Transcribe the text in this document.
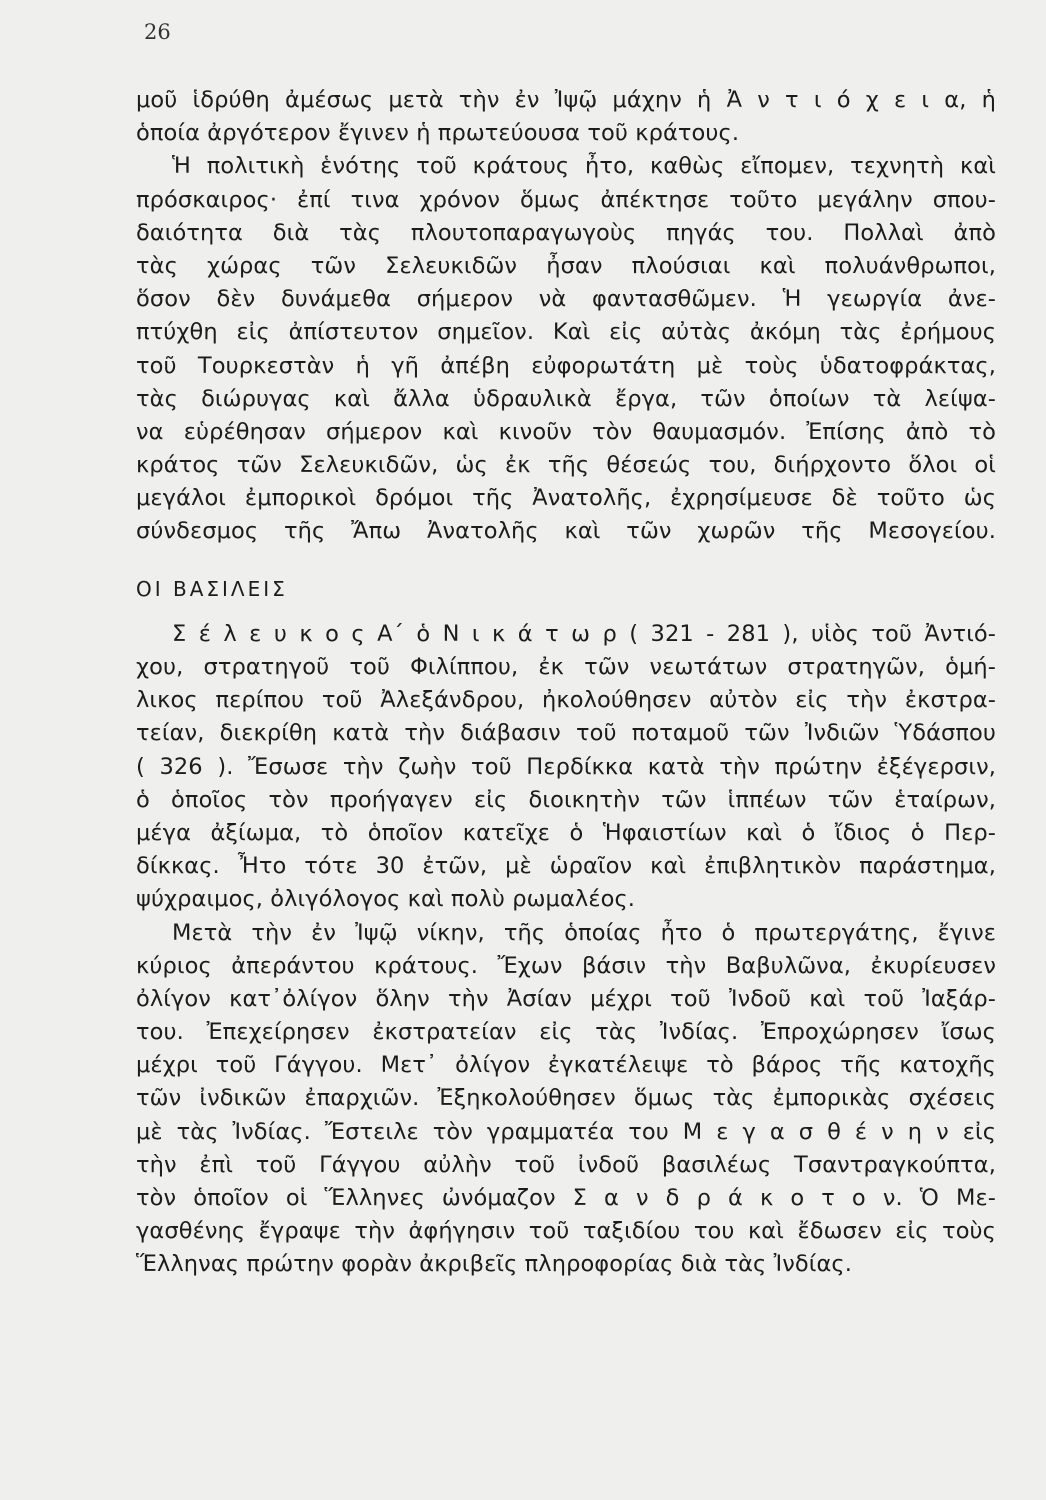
26
μοῦ ἱδρύθη ἀμέσως μετὰ τὴν ἐν Ἰψῷ μάχην ἡ Ἀ ν τ ι ό χ ε ι α, ἡ
ὁποία ἀργότερον ἔγινεν ἡ πρωτεύουσα τοῦ κράτους.
Ἡ πολιτικὴ ἑνότης τοῦ κράτους ἦτο, καθὼς εἴπομεν, τεχνητὴ καὶ
πρόσκαιρος· ἐπί τινα χρόνον ὅμως ἀπέκτησε τοῦτο μεγάλην σπου-
δαιότητα διὰ τὰς πλουτοπαραγωγοὺς πηγάς του. Πολλαὶ ἀπὸ
τὰς χώρας τῶν Σελευκιδῶν ἦσαν πλούσιαι καὶ πολυάνθρωποι,
ὅσον δὲν δυνάμεθα σήμερον νὰ φαντασθῶμεν. Ἡ γεωργία ἀνε-
πτύχθη εἰς ἀπίστευτον σημεῖον. Καὶ εἰς αὐτὰς ἀκόμη τὰς ἐρήμους
τοῦ Τουρκεστὰν ἡ γῆ ἀπέβη εὐφορωτάτη μὲ τοὺς ὑδατοφράκτας,
τὰς διώρυγας καὶ ἄλλα ὑδραυλικὰ ἔργα, τῶν ὁποίων τὰ λείψα-
να εὑρέθησαν σήμερον καὶ κινοῦν τὸν θαυμασμόν. Ἐπίσης ἀπὸ τὸ
κράτος τῶν Σελευκιδῶν, ὡς ἐκ τῆς θέσεώς του, διήρχοντο ὅλοι οἱ
μεγάλοι ἐμπορικοὶ δρόμοι τῆς Ἀνατολῆς, ἐχρησίμευσε δὲ τοῦτο ὡς
σύνδεσμος τῆς Ἄπω Ἀνατολῆς καὶ τῶν χωρῶν τῆς Μεσογείου.
ΟΙ ΒΑΣΙΛΕΙΣ
Σ έ λ ε υ κ ο ς Α΄ ὁ Ν ι κ ά τ ω ρ ( 321 - 281 ), υἱὸς τοῦ Ἀντιό-
χου, στρατηγοῦ τοῦ Φιλίππου, ἐκ τῶν νεωτάτων στρατηγῶν, ὁμή-
λικος περίπου τοῦ Ἀλεξάνδρου, ἠκολούθησεν αὐτὸν εἰς τὴν ἐκστρα-
τείαν, διεκρίθη κατὰ τὴν διάβασιν τοῦ ποταμοῦ τῶν Ἰνδιῶν Ὑδάσπου
( 326 ). Ἔσωσε τὴν ζωὴν τοῦ Περδίκκα κατὰ τὴν πρώτην ἐξέγερσιν,
ὁ ὁποῖος τὸν προήγαγεν εἰς διοικητὴν τῶν ἱππέων τῶν ἑταίρων,
μέγα ἀξίωμα, τὸ ὁποῖον κατεῖχε ὁ Ἡφαιστίων καὶ ὁ ἴδιος ὁ Περ-
δίκκας. Ἦτο τότε 30 ἐτῶν, μὲ ὡραῖον καὶ ἐπιβλητικὸν παράστημα,
ψύχραιμος, ὀλιγόλογος καὶ πολὺ ρωμαλέος.
Μετὰ τὴν ἐν Ἰψῷ νίκην, τῆς ὁποίας ἦτο ὁ πρωτεργάτης, ἔγινε
κύριος ἀπεράντου κράτους. Ἔχων βάσιν τὴν Βαβυλῶνα, ἐκυρίευσεν
ὀλίγον κατ᾿ὀλίγον ὅλην τὴν Ἀσίαν μέχρι τοῦ Ἰνδοῦ καὶ τοῦ Ἰαξάρ-
του. Ἐπεχείρησεν ἐκστρατείαν εἰς τὰς Ἰνδίας. Ἐπροχώρησεν ἴσως
μέχρι τοῦ Γάγγου. Μετ᾿ ὀλίγον ἐγκατέλειψε τὸ βάρος τῆς κατοχῆς
τῶν ἰνδικῶν ἐπαρχιῶν. Ἐξηκολούθησεν ὅμως τὰς ἐμπορικὰς σχέσεις
μὲ τὰς Ἰνδίας. Ἔστειλε τὸν γραμματέα του Μ ε γ α σ θ έ ν η ν εἰς
τὴν ἐπὶ τοῦ Γάγγου αὐλὴν τοῦ ἰνδοῦ βασιλέως Τσαντραγκούπτα,
τὸν ὁποῖον οἱ Ἕλληνες ὠνόμαζον Σ α ν δ ρ ά κ ο τ ο ν. Ὁ Με-
γασθένης ἔγραψε τὴν ἀφήγησιν τοῦ ταξιδίου του καὶ ἔδωσεν εἰς τοὺς
Ἕλληνας πρώτην φορὰν ἀκριβεῖς πληροφορίας διὰ τὰς Ἰνδίας.
